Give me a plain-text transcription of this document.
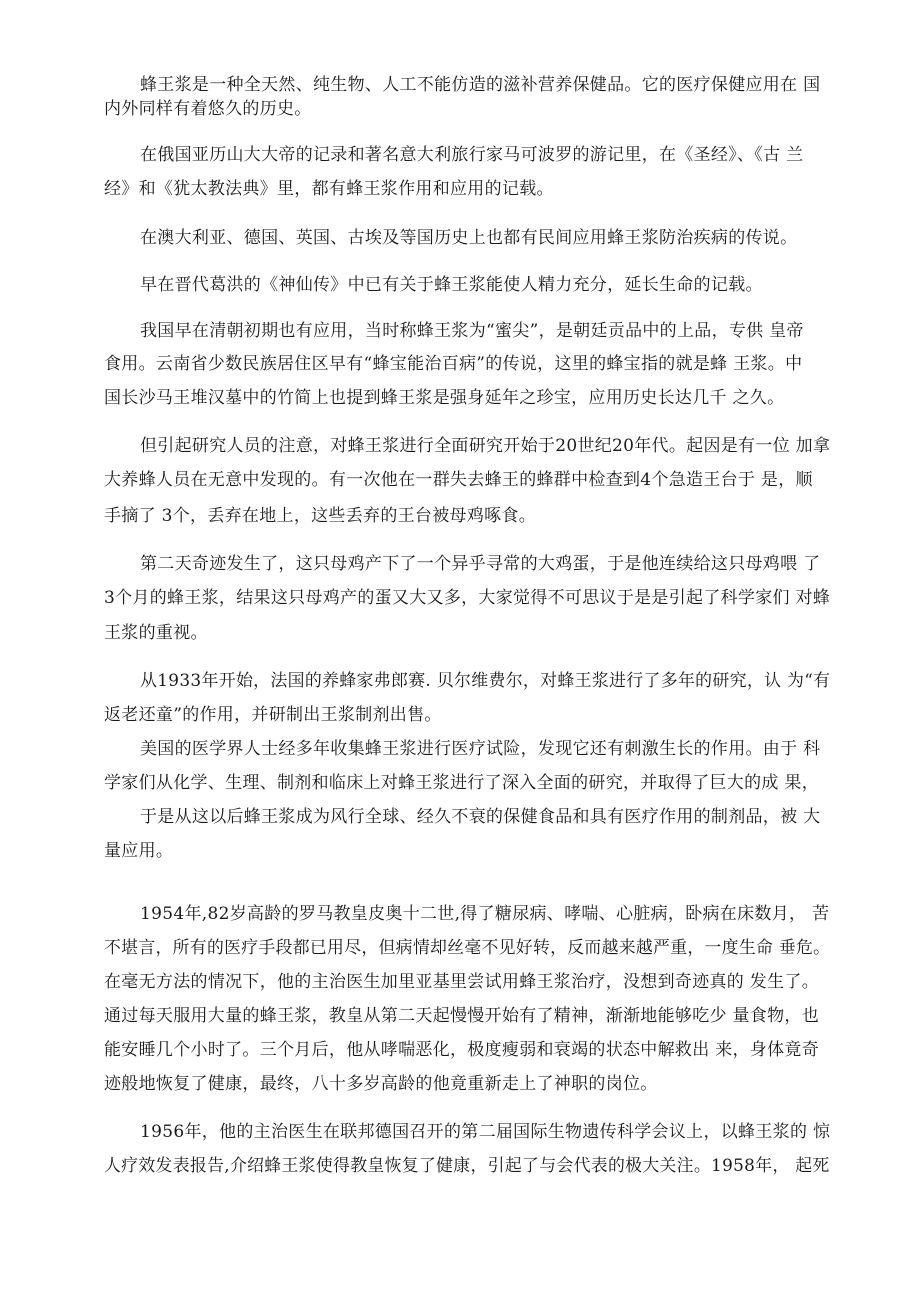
蜂王浆是一种全天然、纯生物、人工不能仿造的滋补营养保健品。它的医疗保健应用在 国

内外同样有着悠久的历史。

在俄国亚历山大大帝的记录和著名意大利旅行家马可波罗的游记里，在《圣经》、《古 兰

经》和《犹太教法典》里，都有蜂王浆作用和应用的记载。

在澳大利亚、德国、英国、古埃及等国历史上也都有民间应用蜂王浆防治疾病的传说。

早在晋代葛洪的《神仙传》中已有关于蜂王浆能使人精力充分，延长生命的记载。

我国早在清朝初期也有应用，当时称蜂王浆为“蜜尖”，是朝廷贡品中的上品，专供 皇帝

食用。云南省少数民族居住区早有“蜂宝能治百病”的传说，这里的蜂宝指的就是蜂 王浆。中

国长沙马王堆汉墓中的竹简上也提到蜂王浆是强身延年之珍宝，应用历史长达几千 之久。

但引起研究人员的注意，对蜂王浆进行全面研究开始于20世纪20年代。起因是有一位 加拿

大养蜂人员在无意中发现的。有一次他在一群失去蜂王的蜂群中检查到4个急造王台于 是，顺

手摘了 3个，丢弃在地上，这些丢弃的王台被母鸡啄食。

第二天奇迹发生了，这只母鸡产下了一个异乎寻常的大鸡蛋，于是他连续给这只母鸡喂 了

3个月的蜂王浆，结果这只母鸡产的蛋又大又多，大家觉得不可思议于是是引起了科学家们 对蜂

王浆的重视。

从1933年开始，法国的养蜂家弗郎赛. 贝尔维费尔，对蜂王浆进行了多年的研究，认 为“有

返老还童”的作用，并研制出王浆制剂出售。

美国的医学界人士经多年收集蜂王浆进行医疗试险，发现它还有刺激生长的作用。由于 科

学家们从化学、生理、制剂和临床上对蜂王浆进行了深入全面的研究，并取得了巨大的成 果，

于是从这以后蜂王浆成为风行全球、经久不衰的保健食品和具有医疗作用的制剂品，被 大

量应用。

1954年,82岁高龄的罗马教皇皮奥十二世,得了糖尿病、哮喘、心脏病，卧病在床数月， 苦

不堪言，所有的医疗手段都已用尽，但病情却丝毫不见好转，反而越来越严重，一度生命 垂危。

在毫无方法的情况下，他的主治医生加里亚基里尝试用蜂王浆治疗，没想到奇迹真的 发生了。

通过每天服用大量的蜂王浆，教皇从第二天起慢慢开始有了精神，渐渐地能够吃少 量食物，也

能安睡几个小时了。三个月后，他从哮喘恶化，极度瘦弱和衰竭的状态中解救出 来，身体竟奇

迹般地恢复了健康，最终，八十多岁高龄的他竟重新走上了神职的岗位。

1956年，他的主治医生在联邦德国召开的第二届国际生物遗传科学会议上，以蜂王浆的 惊

人疗效发表报告,介绍蜂王浆使得教皇恢复了健康，引起了与会代表的极大关注。1958年， 起死
